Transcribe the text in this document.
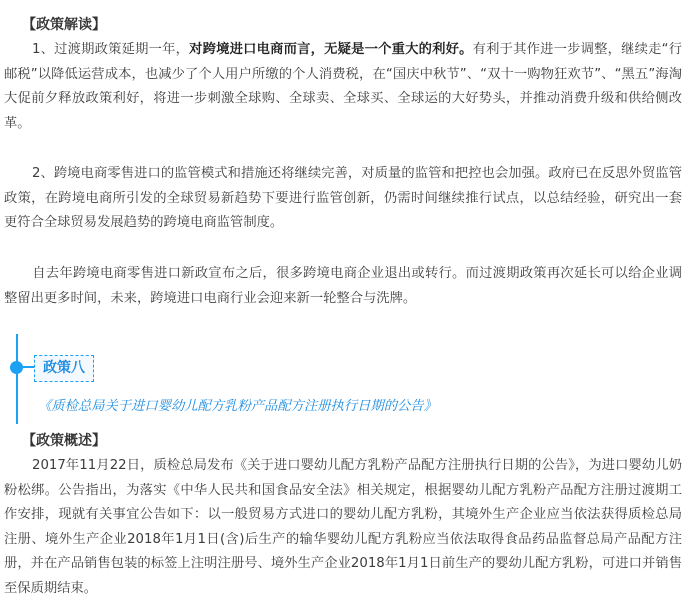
【政策解读】

1、过渡期政策延期一年，对跨境进口电商而言，无疑是一个重大的利好。有利于其作进一步调整，继续走“行邮税”以降低运营成本，也减少了个人用户所缴的个人消费税，在“国庆中秋节”、“双十一购物狂欢节”、“黑五”海淘大促前夕释放政策利好，将进一步刺激全球购、全球卖、全球买、全球运的大好势头，并推动消费升级和供给侧改革。

2、跨境电商零售进口的监管模式和措施还将继续完善，对质量的监管和把控也会加强。政府已在反思外贸监管政策，在跨境电商所引发的全球贸易新趋势下要进行监管创新，仍需时间继续推行试点，以总结经验，研究出一套更符合全球贸易发展趋势的跨境电商监管制度。

自去年跨境电商零售进口新政宣布之后，很多跨境电商企业退出或转行。而过渡期政策再次延长可以给企业调整留出更多时间，未来，跨境进口电商行业会迎来新一轮整合与洗牌。

政策八
《质检总局关于进口婴幼儿配方乳粉产品配方注册执行日期的公告》
【政策概述】

2017年11月22日，质检总局发布《关于进口婴幼儿配方乳粉产品配方注册执行日期的公告》，为进口婴幼儿奶粉松绑。公告指出，为落实《中华人民共和国食品安全法》相关规定，根据婴幼儿配方乳粉产品配方注册过渡期工作安排，现就有关事宜公告如下：以一般贸易方式进口的婴幼儿配方乳粉，其境外生产企业应当依法获得质检总局注册、境外生产企业2018年1月1日(含)后生产的输华婴幼儿配方乳粉应当依法取得食品药品监督总局产品配方注册，并在产品销售包装的标签上注明注册号、境外生产企业2018年1月1日前生产的婴幼儿配方乳粉，可进口并销售至保质期结束。
